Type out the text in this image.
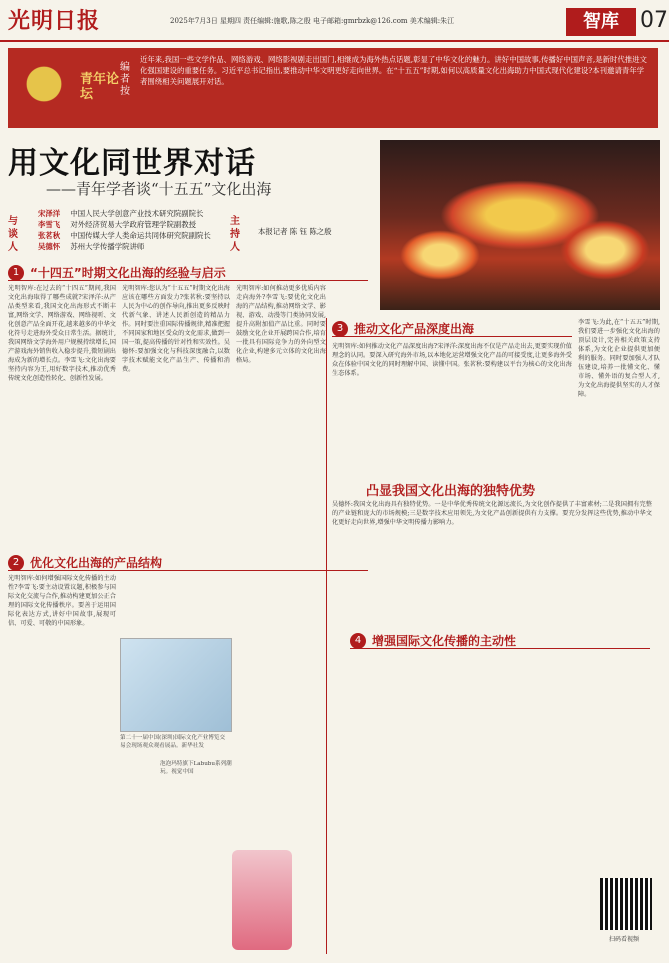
光明日报	2025年7月3日 星期四 责任编辑:施歌,陈之殷 电子邮箱:gmrbzk@126.com 美术编辑:朱江	智库 07
青年论坛
编者按
近年来,我国一些文学作品、网络游戏、网络影视剧走出国门,相继成为海外热点话题,彰显了中华文化的魅力。讲好中国故事,传播好中国声音,是新时代推进文化强国建设的重要任务。习近平总书记指出,要推动中华文明更好走向世界。在“十五五”时期,如何以高质量文化出海助力中国式现代化建设?本刊邀请青年学者围绕相关问题展开对话。
用文化同世界对话
——青年学者谈“十五五”文化出海
与谈人
宋泽洋 中国人民大学创意产业技术研究院副院长
李雪飞 对外经济贸易大学政府管理学院副教授
张茗秋 中国传媒大学人类命运共同体研究院副院长
吴德怀 苏州大学传播学院讲师
主持人
本报记者 陈 钰 陈之殷
1 “十四五”时期文化出海的经验与启示
2 优化文化出海的产品结构
3 推动文化产品深度出海
4 增强国际文化传播的主动性
凸显我国文化出海的独特优势
光明智库:在过去的“十四五”期间,我国文化出海取得了哪些成就?宋泽洋:从产品类型来看,我国文化出海形式不断丰富,网络文学、网络游戏、网络视听、文化创意产品全面开花,越来越多的中华文化符号走进海外受众日常生活。据统计,我国网络文学海外用户规模持续增长,国产游戏海外销售收入稳步提升,微短剧出海成为新的增长点。李雪飞:文化出海要坚持内容为王,用好数字技术,推动优秀传统文化创造性转化、创新性发展。
光明智库:您认为“十五五”时期文化出海应该在哪些方面发力?张茗秋:要坚持以人民为中心的创作导向,推出更多反映时代新气象、讲述人民新创造的精品力作。同时要注重国际传播规律,精准把握不同国家和地区受众的文化需求,做到一国一策,提高传播的针对性和实效性。吴德怀:要加强文化与科技深度融合,以数字技术赋能文化产品生产、传播和消费。
光明智库:如何推动更多优质内容走向海外?李雪飞:要优化文化出海的产品结构,推动网络文学、影视、游戏、动漫等门类协同发展,提升高附加值产品比重。同时要鼓励文化企业开展跨国合作,培育一批具有国际竞争力的外向型文化企业,构建多元立体的文化出海格局。
光明智库:如何推动文化产品深度出海?宋泽洋:深度出海不仅是产品走出去,更要实现价值理念的认同。要深入研究海外市场,以本地化运营增强文化产品的可接受度,让更多海外受众在体验中国文化的同时理解中国、读懂中国。张茗秋:要构建以平台为核心的文化出海生态体系。
吴德怀:我国文化出海具有独特优势。一是中华优秀传统文化源远流长,为文化创作提供了丰富素材;二是我国拥有完整的产业链和庞大的市场规模;三是数字技术应用领先,为文化产品创新提供有力支撑。要充分发挥这些优势,推动中华文化更好走向世界,增强中华文明传播力影响力。
光明智库:如何增强国际文化传播的主动性?李雪飞:要主动设置议题,积极参与国际文化交流与合作,推动构建更加公正合理的国际文化传播秩序。要善于运用国际化表达方式,讲好中国故事,展现可信、可爱、可敬的中国形象。
李雪飞:为此,在“十五五”时期,我们要进一步强化文化出海的顶层设计,完善相关政策支持体系,为文化企业提供更加便利的服务。同时要加强人才队伍建设,培养一批懂文化、懂市场、懂外语的复合型人才,为文化出海提供坚实的人才保障。
第二十一届中国(深圳)国际文化产业博览交易会现场观众观看展品。新华社发
泡泡玛特旗下Labubu系列潮玩。视觉中国
扫码看视频
